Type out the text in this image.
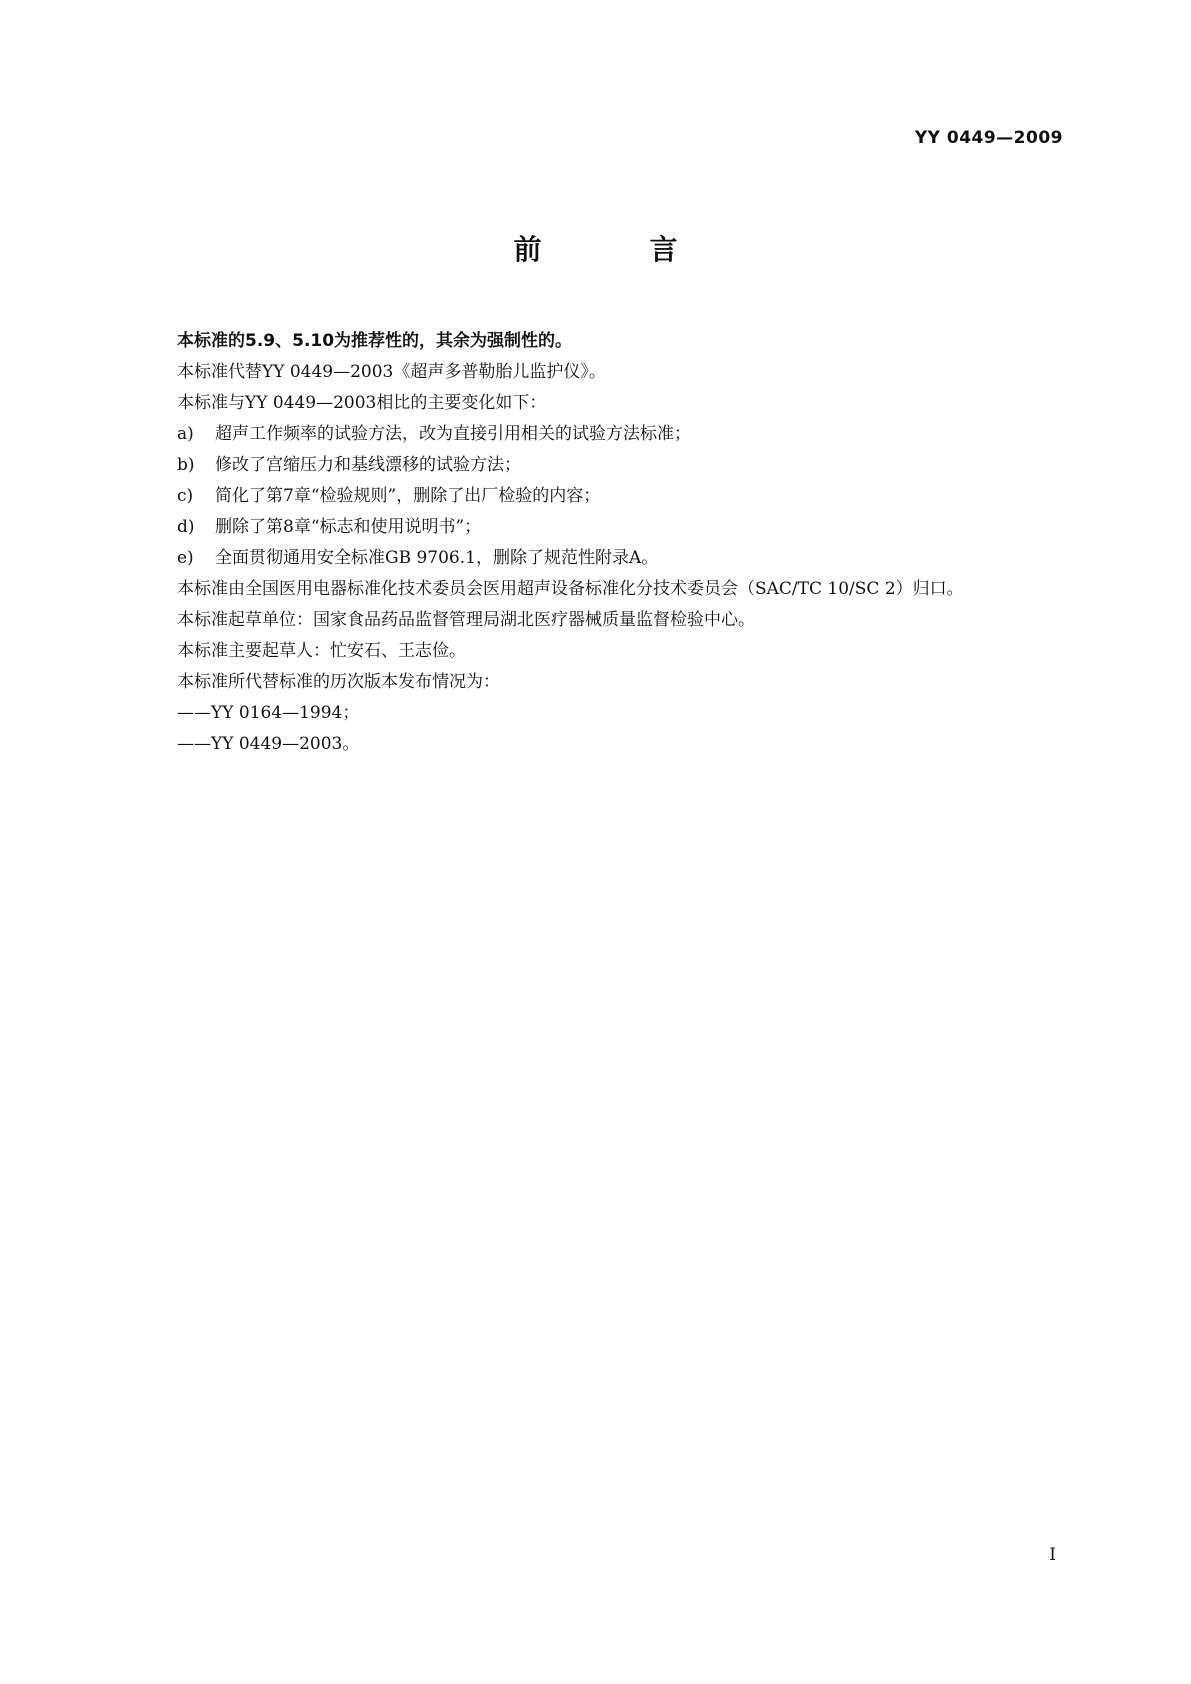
YY 0449—2009
前　言

本标准的5.9、5.10为推荐性的，其余为强制性的。

本标准代替YY 0449—2003《超声多普勒胎儿监护仪》。

本标准与YY 0449—2003相比的主要变化如下：

a) 超声工作频率的试验方法，改为直接引用相关的试验方法标准；

b) 修改了宫缩压力和基线漂移的试验方法；

c) 简化了第7章“检验规则”，删除了出厂检验的内容；

d) 删除了第8章“标志和使用说明书”；

e) 全面贯彻通用安全标准GB 9706.1，删除了规范性附录A。

本标准由全国医用电器标准化技术委员会医用超声设备标准化分技术委员会（SAC/TC 10/SC 2）归口。

本标准起草单位：国家食品药品监督管理局湖北医疗器械质量监督检验中心。

本标准主要起草人：忙安石、王志俭。

本标准所代替标准的历次版本发布情况为：

——YY 0164—1994；

——YY 0449—2003。

I
